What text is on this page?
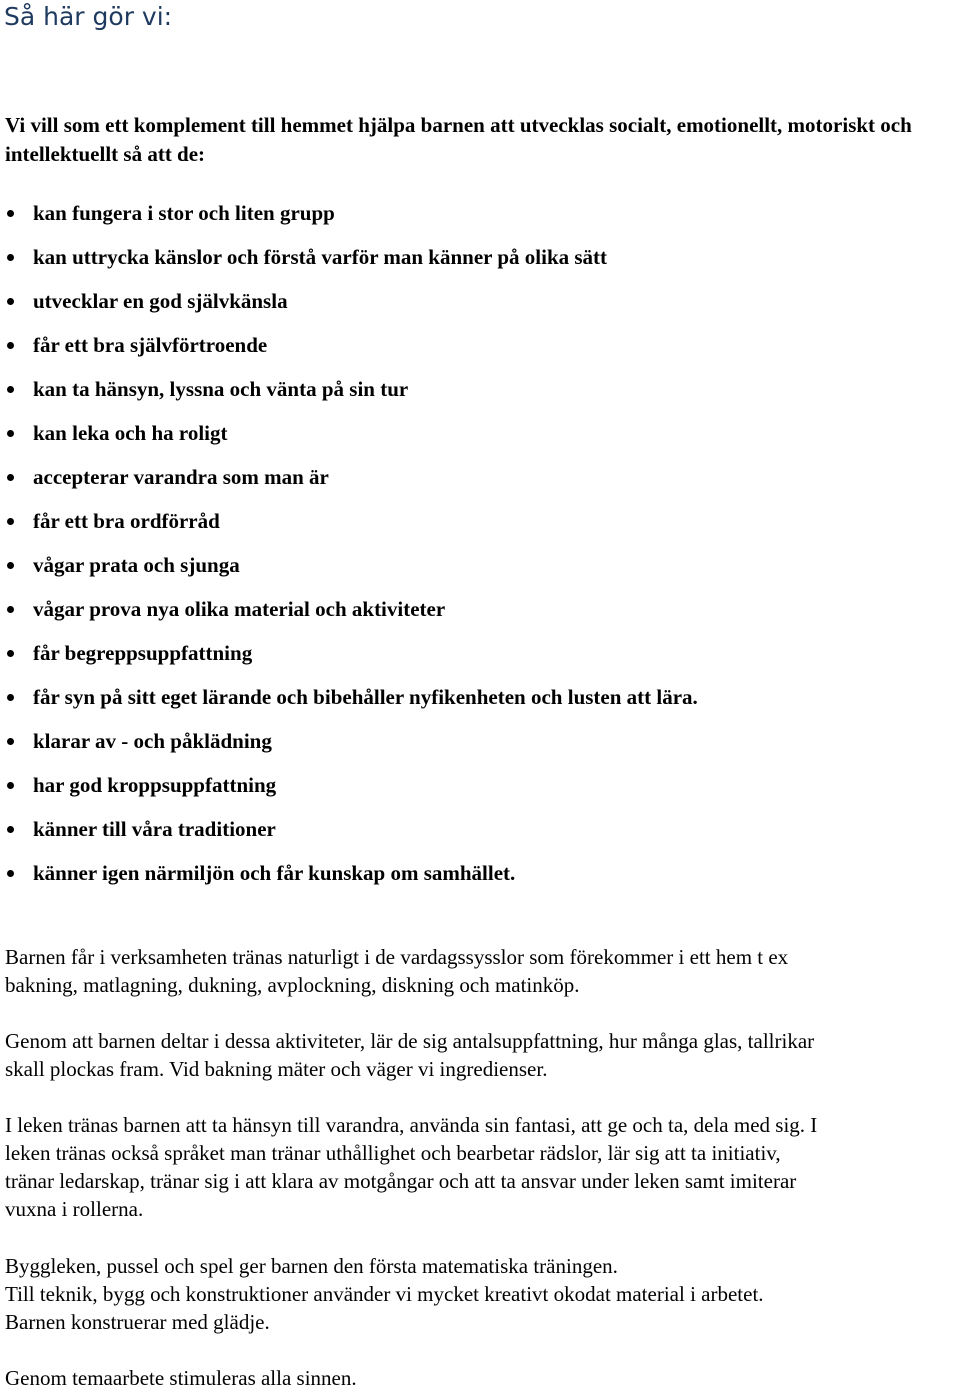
Så här gör vi:

Vi vill som ett komplement till hemmet hjälpa barnen att utvecklas socialt, emotionellt, motoriskt och intellektuellt så att de:

kan fungera i stor och liten grupp
kan uttrycka känslor och förstå varför man känner på olika sätt
utvecklar en god självkänsla
får ett bra självförtroende
kan ta hänsyn, lyssna och vänta på sin tur
kan leka och ha roligt
accepterar varandra som man är
får ett bra ordförråd
vågar prata och sjunga
vågar prova nya olika material och aktiviteter
får begreppsuppfattning
får syn på sitt eget lärande och bibehåller nyfikenheten och lusten att lära.
klarar av - och påklädning
har god kroppsuppfattning
känner till våra traditioner
känner igen närmiljön och får kunskap om samhället.

Barnen får i verksamheten tränas naturligt i de vardagssysslor som förekommer i ett hem t ex
bakning, matlagning, dukning, avplockning, diskning och matinköp.

Genom att barnen deltar i dessa aktiviteter, lär de sig antalsuppfattning, hur många glas, tallrikar
skall plockas fram. Vid bakning mäter och väger vi ingredienser.

I leken tränas barnen att ta hänsyn till varandra, använda sin fantasi, att ge och ta, dela med sig. I
leken tränas också språket man tränar uthållighet och bearbetar rädslor, lär sig att ta initiativ,
tränar ledarskap, tränar sig i att klara av motgångar och att ta ansvar under leken samt imiterar
vuxna i rollerna.

Byggleken, pussel och spel ger barnen den första matematiska träningen.
Till teknik, bygg och konstruktioner använder vi mycket kreativt okodat material i arbetet.
Barnen konstruerar med glädje.

Genom temaarbete stimuleras alla sinnen.
